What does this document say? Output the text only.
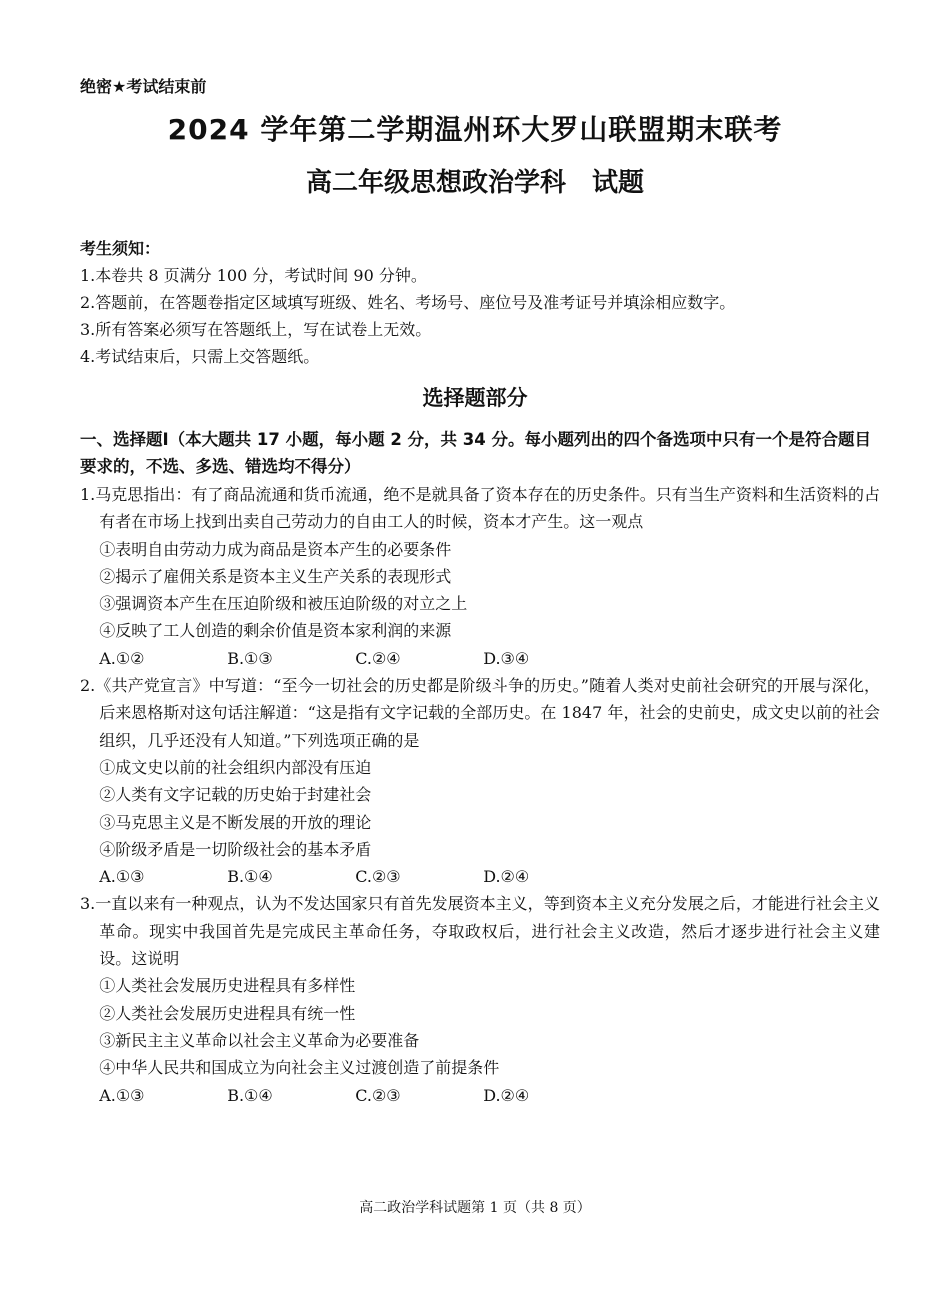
绝密★考试结束前
2024 学年第二学期温州环大罗山联盟期末联考
高二年级思想政治学科　试题
考生须知：
1.本卷共 8 页满分 100 分，考试时间 90 分钟。
2.答题前，在答题卷指定区域填写班级、姓名、考场号、座位号及准考证号并填涂相应数字。
3.所有答案必须写在答题纸上，写在试卷上无效。
4.考试结束后，只需上交答题纸。
选择题部分
一、选择题Ⅰ（本大题共 17 小题，每小题 2 分，共 34 分。每小题列出的四个备选项中只有一个是符合题目要求的，不选、多选、错选均不得分）
1.马克思指出：有了商品流通和货币流通，绝不是就具备了资本存在的历史条件。只有当生产资料和生活资料的占有者在市场上找到出卖自己劳动力的自由工人的时候，资本才产生。这一观点
①表明自由劳动力成为商品是资本产生的必要条件
②揭示了雇佣关系是资本主义生产关系的表现形式
③强调资本产生在压迫阶级和被压迫阶级的对立之上
④反映了工人创造的剩余价值是资本家利润的来源
A.①②	B.①③	C.②④	D.③④
2.《共产党宣言》中写道：“至今一切社会的历史都是阶级斗争的历史。”随着人类对史前社会研究的开展与深化，后来恩格斯对这句话注解道：“这是指有文字记载的全部历史。在 1847 年，社会的史前史，成文史以前的社会组织，几乎还没有人知道。”下列选项正确的是
①成文史以前的社会组织内部没有压迫
②人类有文字记载的历史始于封建社会
③马克思主义是不断发展的开放的理论
④阶级矛盾是一切阶级社会的基本矛盾
A.①③	B.①④	C.②③	D.②④
3.一直以来有一种观点，认为不发达国家只有首先发展资本主义，等到资本主义充分发展之后，才能进行社会主义革命。现实中我国首先是完成民主革命任务，夺取政权后，进行社会主义改造，然后才逐步进行社会主义建设。这说明
①人类社会发展历史进程具有多样性
②人类社会发展历史进程具有统一性
③新民主主义革命以社会主义革命为必要准备
④中华人民共和国成立为向社会主义过渡创造了前提条件
A.①③	B.①④	C.②③	D.②④
高二政治学科试题第 1 页（共 8 页）
